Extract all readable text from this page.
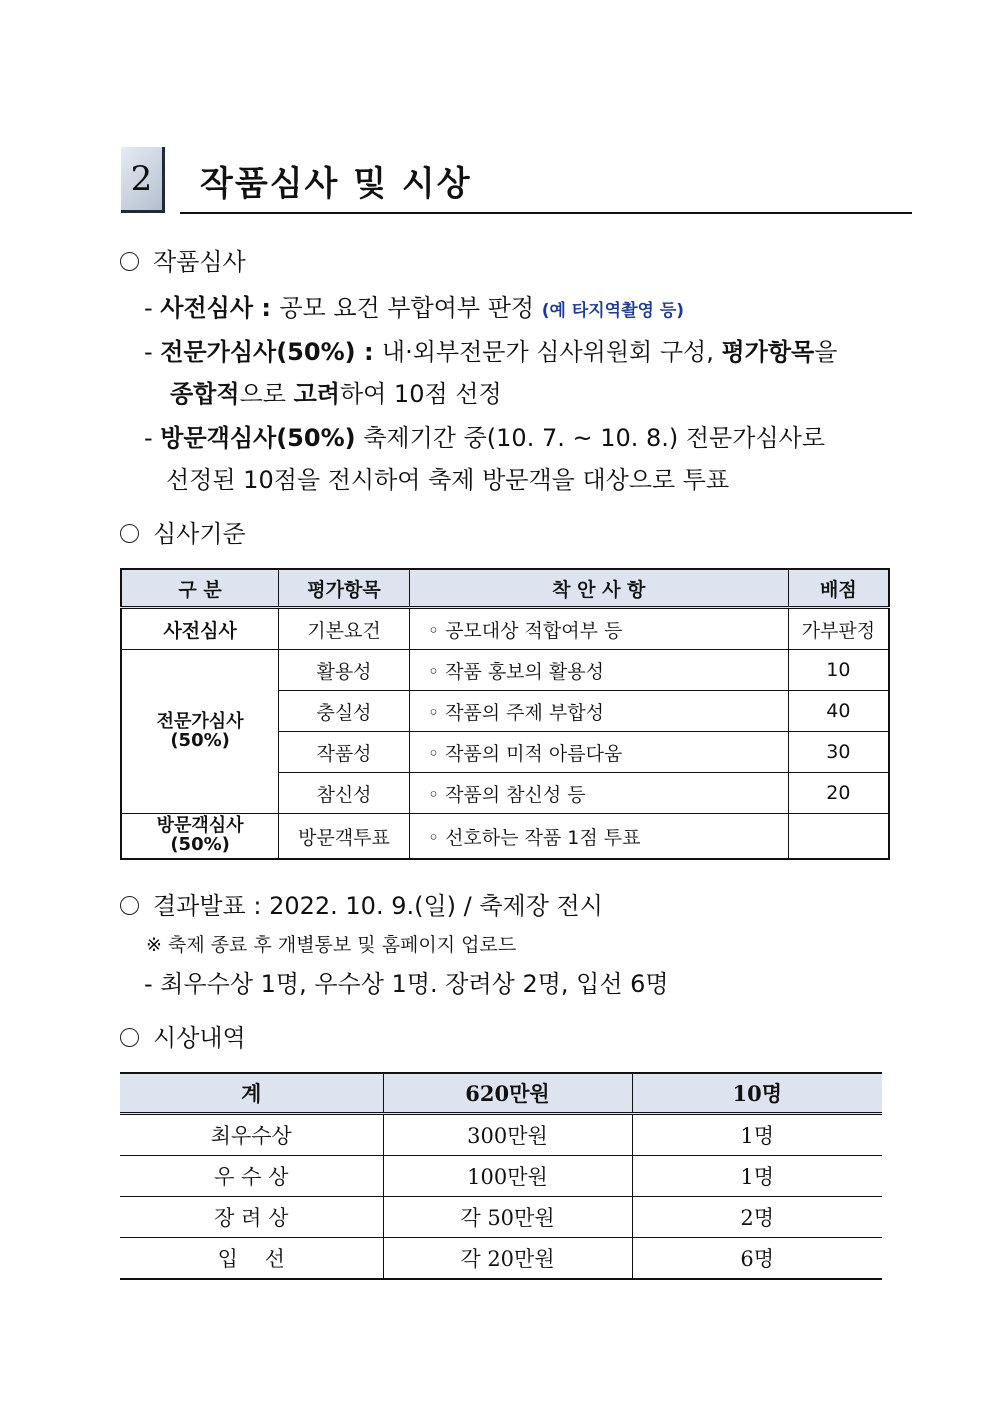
2	작품심사 및 시상
작품심사
- 사전심사 : 공모 요건 부합여부 판정 (예 타지역촬영 등)
- 전문가심사(50%) : 내·외부전문가 심사위원회 구성, 평가항목을
종합적으로 고려하여 10점 선정
- 방문객심사(50%) 축제기간 중(10. 7. ~ 10. 8.) 전문가심사로
선정된 10점을 전시하여 축제 방문객을 대상으로 투표
심사기준
구 분	평가항목	착 안 사 항	배점
사전심사	기본요건	◦ 공모대상 적합여부 등	가부판정

전문가심사
(50%)	활용성	◦ 작품 홍보의 활용성	10
	충실성	◦ 작품의 주제 부합성	40
	작품성	◦ 작품의 미적 아름다움	30
	참신성	◦ 작품의 참신성 등	20

방문객심사
(50%)	방문객투표	◦ 선호하는 작품 1점 투표	
결과발표 : 2022. 10. 9.(일) / 축제장 전시
※ 축제 종료 후 개별통보 및 홈페이지 업로드
- 최우수상 1명, 우수상 1명. 장려상 2명, 입선 6명
시상내역
계	620만원	10명
최우수상	300만원	1명
우 수 상	100만원	1명
장 려 상	각 50만원	2명
입    선	각 20만원	6명
